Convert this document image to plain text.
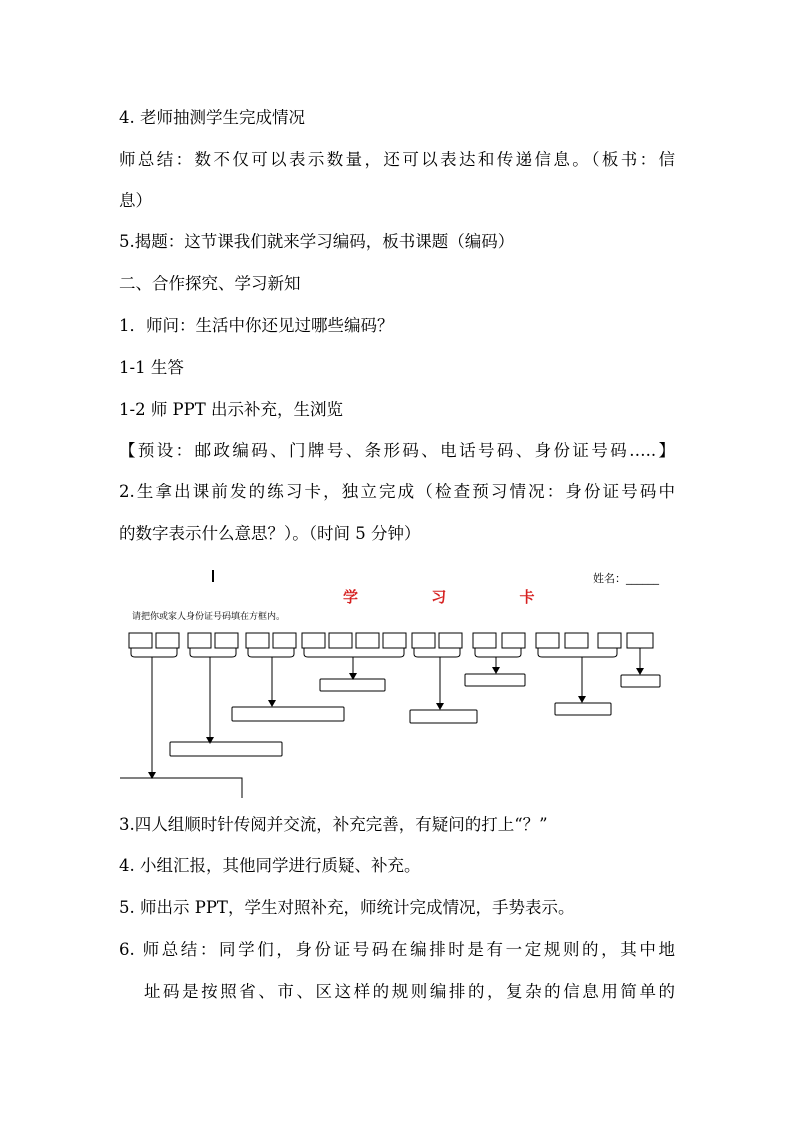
4. 老师抽测学生完成情况
师总结：数不仅可以表示数量，还可以表达和传递信息。（板书：信
息）
5.揭题：这节课我们就来学习编码，板书课题（编码）
二、合作探究、学习新知
1．师问：生活中你还见过哪些编码？
1-1 生答
1-2 师 PPT 出示补充，生浏览
【预设：邮政编码、门牌号、条形码、电话号码、身份证号码…..】
2.生拿出课前发的练习卡，独立完成（检查预习情况：身份证号码中
的数字表示什么意思？）。（时间 5 分钟）
姓名：______
学 习 卡
请把你或家人身份证号码填在方框内。
3.四人组顺时针传阅并交流，补充完善，有疑问的打上“？”
4. 小组汇报，其他同学进行质疑、补充。
5. 师出示 PPT，学生对照补充，师统计完成情况，手势表示。
6. 师总结：同学们，身份证号码在编排时是有一定规则的，其中地
址码是按照省、市、区这样的规则编排的，复杂的信息用简单的
